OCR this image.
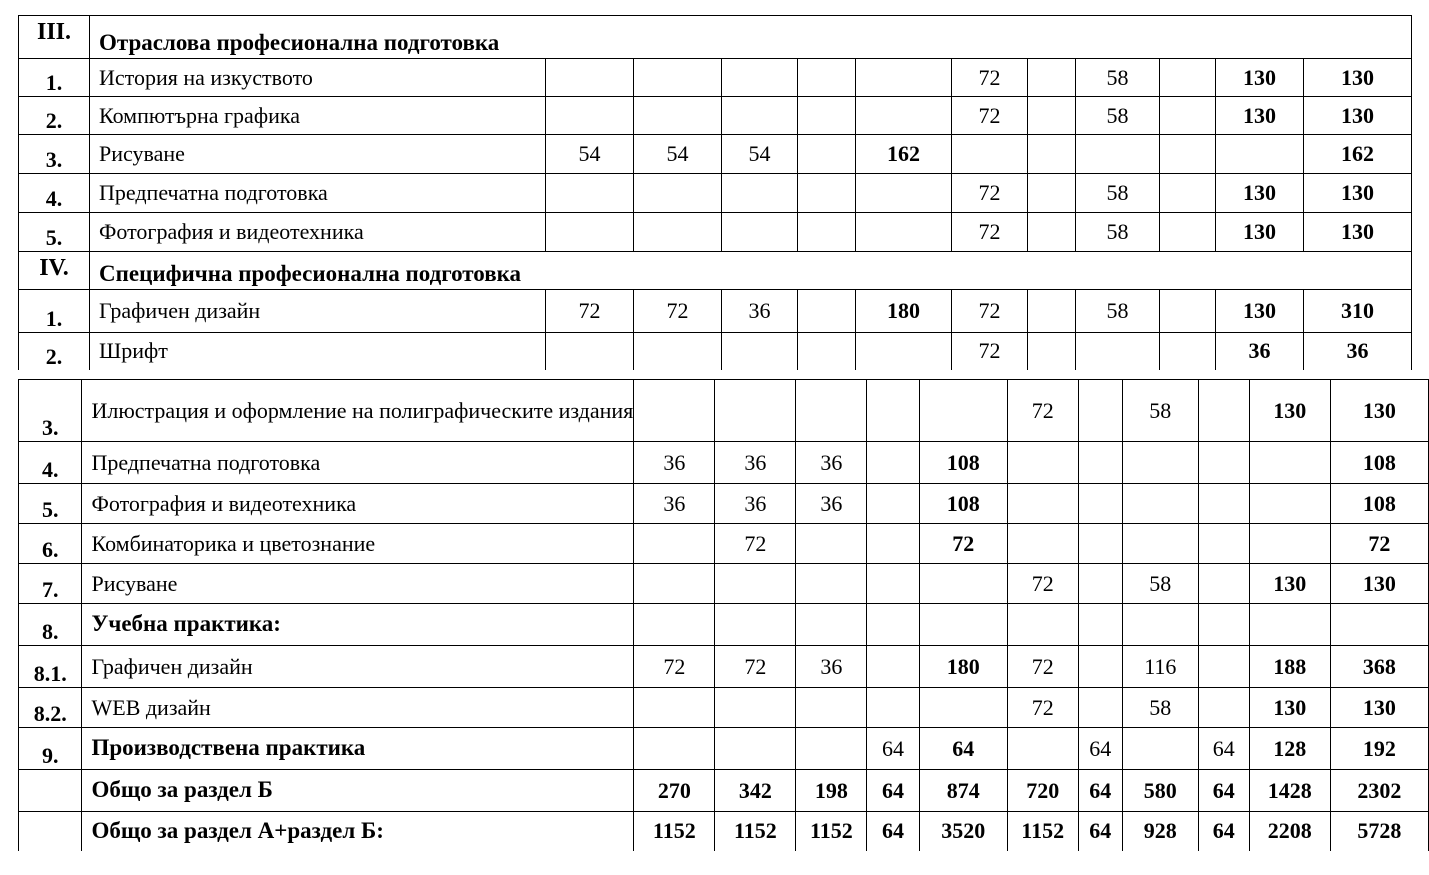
III.	Отраслова професионална подготовка											
1.	История на изкуството						72		58		130	130
2.	Компютърна графика						72		58		130	130
3.	Рисуване	54	54	54		162						162
4.	Предпечатна подготовка						72		58		130	130
5.	Фотография и видеотехника						72		58		130	130
IV.	Специфична професионална подготовка											
1.	Графичен дизайн	72	72	36		180	72		58		130	310
2.	Шрифт						72				36	36
3.	Илюстрация и оформление на полиграфическите издания						72		58		130	130
4.	Предпечатна подготовка	36	36	36		108						108
5.	Фотография и видеотехника	36	36	36		108						108
6.	Комбинаторика и цветознание		72			72						72
7.	Рисуване						72		58		130	130
8.	Учебна практика:											
8.1.	Графичен дизайн	72	72	36		180	72		116		188	368
8.2.	WEB дизайн						72		58		130	130
9.	Производствена практика				64	64		64		64	128	192
	Общо за раздел Б	270	342	198	64	874	720	64	580	64	1428	2302
	Общо за раздел А+раздел Б:	1152	1152	1152	64	3520	1152	64	928	64	2208	5728
